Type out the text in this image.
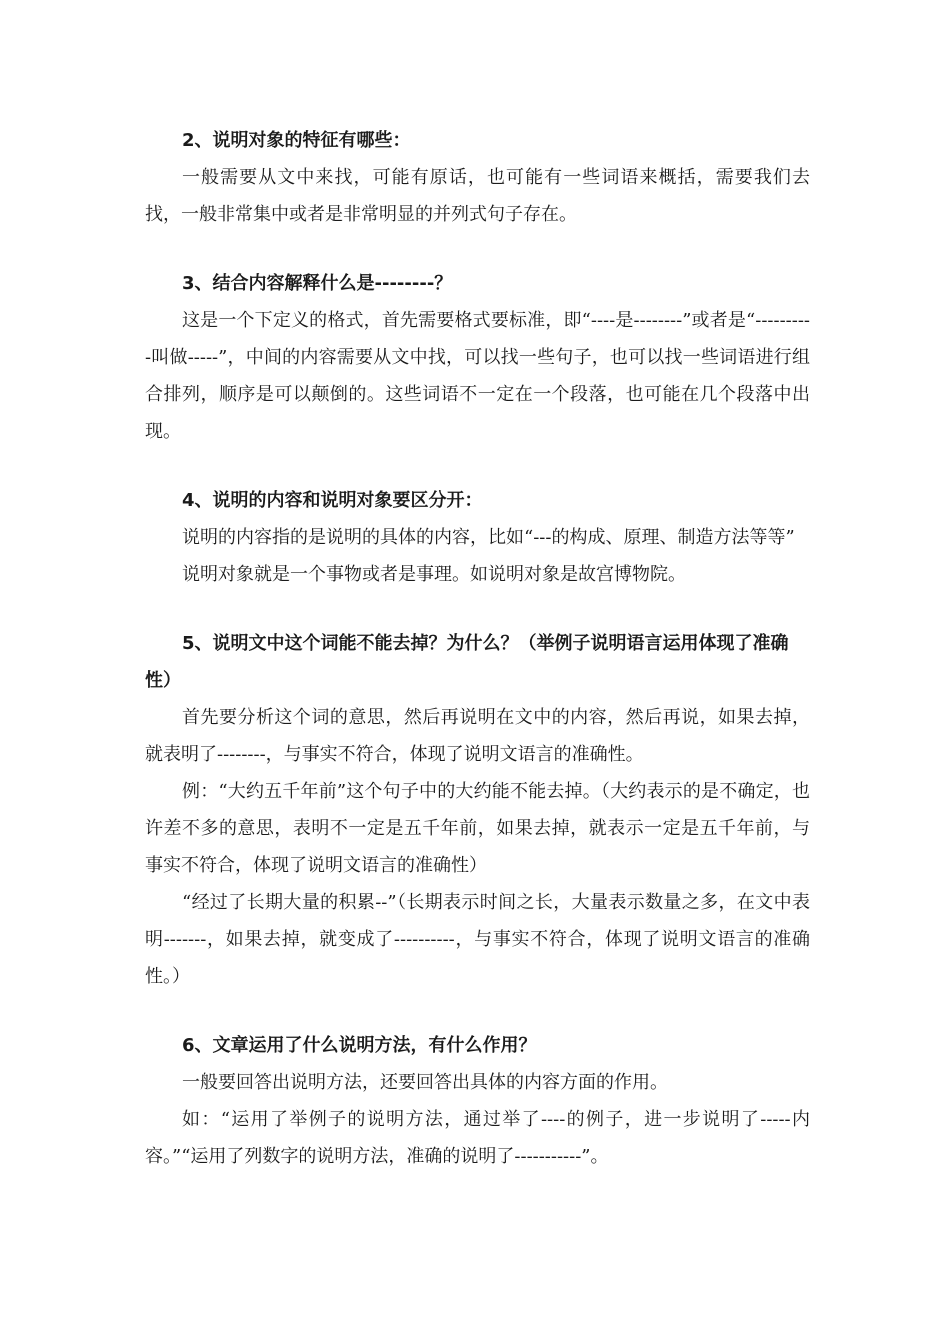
2、说明对象的特征有哪些：

一般需要从文中来找，可能有原话，也可能有一些词语来概括，需要我们去找，一般非常集中或者是非常明显的并列式句子存在。

3、结合内容解释什么是--------？

这是一个下定义的格式，首先需要格式要标准，即“----是--------”或者是“----------叫做-----”，中间的内容需要从文中找，可以找一些句子，也可以找一些词语进行组合排列，顺序是可以颠倒的。这些词语不一定在一个段落，也可能在几个段落中出现。

4、说明的内容和说明对象要区分开：

说明的内容指的是说明的具体的内容，比如“---的构成、原理、制造方法等等”

说明对象就是一个事物或者是事理。如说明对象是故宫博物院。

5、说明文中这个词能不能去掉？为什么？（举例子说明语言运用体现了准确性）

首先要分析这个词的意思，然后再说明在文中的内容，然后再说，如果去掉，就表明了--------，与事实不符合，体现了说明文语言的准确性。

例：“大约五千年前”这个句子中的大约能不能去掉。（大约表示的是不确定，也许差不多的意思，表明不一定是五千年前，如果去掉，就表示一定是五千年前，与事实不符合，体现了说明文语言的准确性）

“经过了长期大量的积累--”（长期表示时间之长，大量表示数量之多，在文中表明-------，如果去掉，就变成了----------，与事实不符合，体现了说明文语言的准确性。）

6、文章运用了什么说明方法，有什么作用？

一般要回答出说明方法，还要回答出具体的内容方面的作用。

如：“运用了举例子的说明方法，通过举了----的例子，进一步说明了-----内容。”“运用了列数字的说明方法，准确的说明了-----------”。
